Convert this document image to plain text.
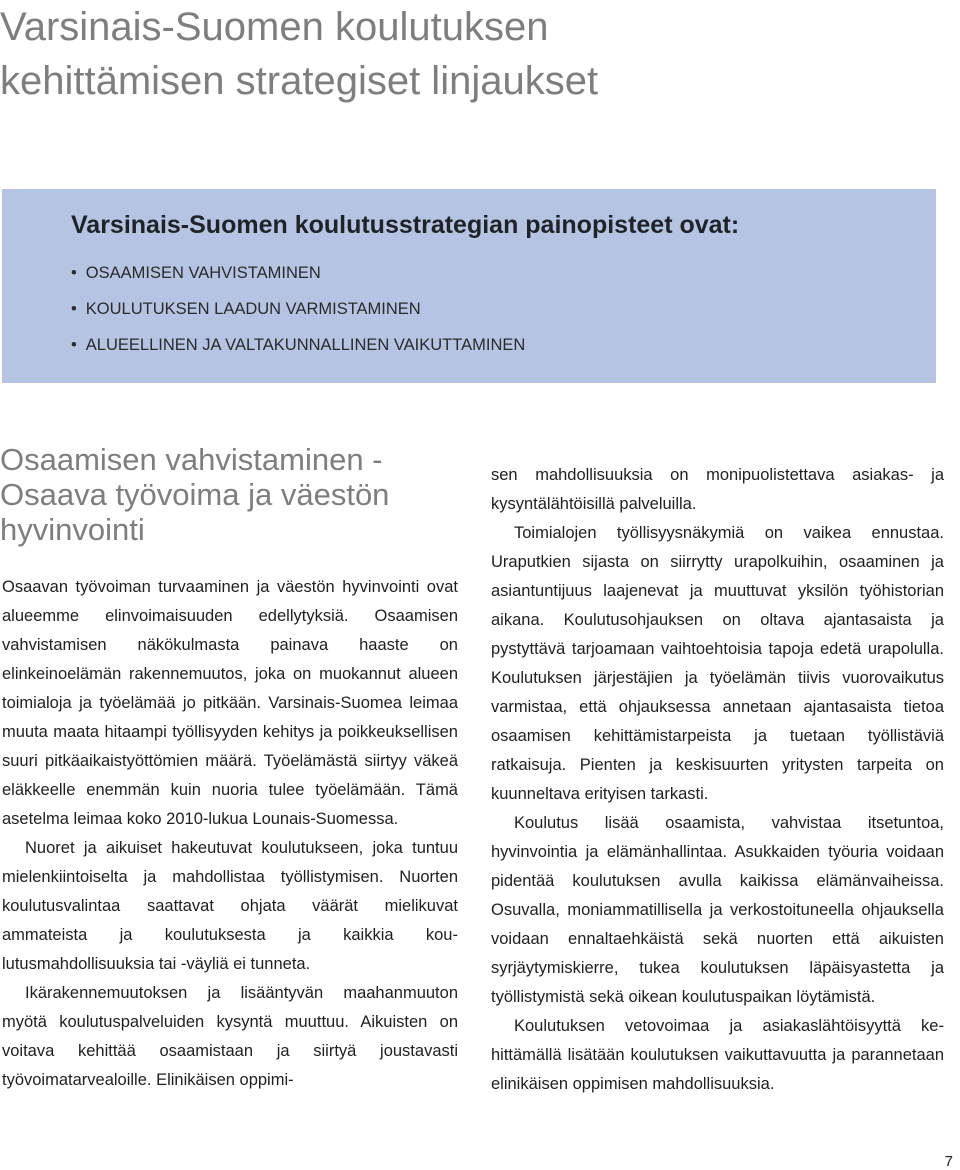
Varsinais-Suomen koulutuksen
kehittämisen strategiset linjaukset
Varsinais-Suomen koulutusstrategian painopisteet ovat:
• OSAAMISEN VAHVISTAMINEN
• KOULUTUKSEN LAADUN VARMISTAMINEN
• ALUEELLINEN JA VALTAKUNNALLINEN VAIKUTTAMINEN
Osaamisen vahvistaminen -
Osaava työvoima ja väestön
hyvinvointi

Osaavan työvoiman turvaaminen ja väestön hyvinvointi ovat alueemme elinvoimaisuuden edellytyksiä. Osaamisen vahvistamisen näkökulmasta painava haaste on elinkeinoelämän rakennemuutos, joka on muokannut alueen toimialoja ja työelämää jo pitkään. Varsinais-Suomea leimaa muuta maata hitaampi työllisyyden kehitys ja poikkeuksellisen suuri pitkäaikaistyöttömien määrä. Työelämästä siirtyy väkeä eläkkeelle enemmän kuin nuoria tulee työelämään. Tämä asetelma leimaa koko 2010-lukua Lounais-Suomessa.

Nuoret ja aikuiset hakeutuvat koulutukseen, joka tuntuu mielenkiintoiselta ja mahdollistaa työllistymisen. Nuorten koulutusvalintaa saattavat ohjata väärät mielikuvat ammateista ja koulutuksesta ja kaikkia koulutusmahdollisuuksia tai -väyliä ei tunneta.

Ikärakennemuutoksen ja lisääntyvän maahanmuuton myötä koulutuspalveluiden kysyntä muuttuu. Aikuisten on voitava kehittää osaamistaan ja siirtyä joustavasti työvoimatarvealoille. Elinikäisen oppimi-

sen mahdollisuuksia on monipuolistettava asiakas- ja kysyntälähtöisillä palveluilla.

Toimialojen työllisyysnäkymiä on vaikea ennustaa. Uraputkien sijasta on siirrytty urapolkuihin, osaaminen ja asiantuntijuus laajenevat ja muuttuvat yksilön työhistorian aikana. Koulutusohjauksen on oltava ajantasaista ja pystyttävä tarjoamaan vaihtoehtoisia tapoja edetä urapolulla. Koulutuksen järjestäjien ja työelämän tiivis vuorovaikutus varmistaa, että ohjauksessa annetaan ajantasaista tietoa osaamisen kehittämistarpeista ja tuetaan työllistäviä ratkaisuja. Pienten ja keskisuurten yritysten tarpeita on kuunneltava erityisen tarkasti.

Koulutus lisää osaamista, vahvistaa itsetuntoa, hyvinvointia ja elämänhallintaa. Asukkaiden työuria voidaan pidentää koulutuksen avulla kaikissa elämänvaiheissa. Osuvalla, moniammatillisella ja verkostoituneella ohjauksella voidaan ennaltaehkäistä sekä nuorten että aikuisten syrjäytymiskierre, tukea koulutuksen läpäisyastetta ja työllistymistä sekä oikean koulutuspaikan löytämistä.

Koulutuksen vetovoimaa ja asiakaslähtöisyyttä kehittämällä lisätään koulutuksen vaikuttavuutta ja parannetaan elinikäisen oppimisen mahdollisuuksia.

7
